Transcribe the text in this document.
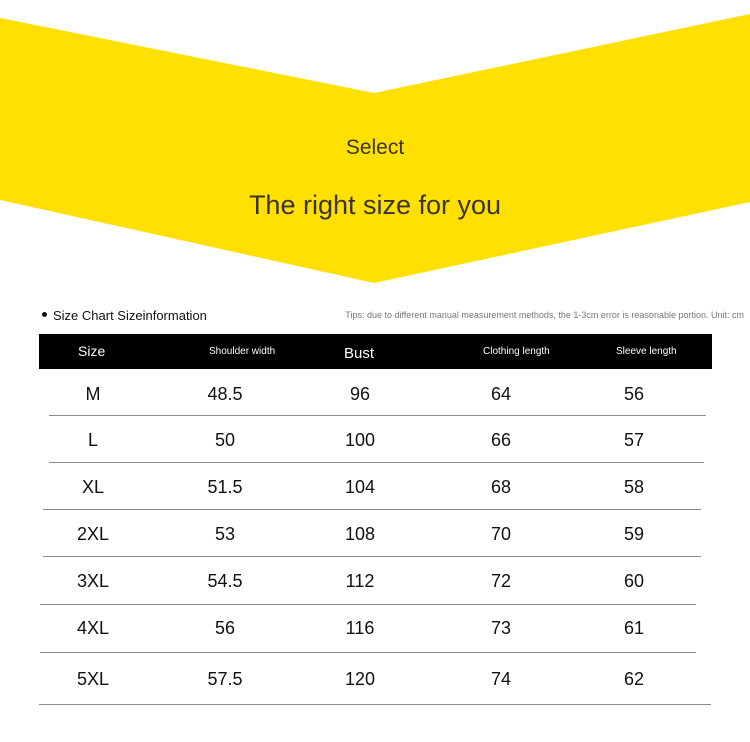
Select
The right size for you
Size Chart Sizeinformation	Tips: due to different manual measurement methods, the 1-3cm error is reasonable portion. Unit: cm
Size	Shoulder width	Bust	Clothing length	Sleeve length
M	48.5	96	64	56
L	50	100	66	57
XL	51.5	104	68	58
2XL	53	108	70	59
3XL	54.5	112	72	60
4XL	56	116	73	61
5XL	57.5	120	74	62
